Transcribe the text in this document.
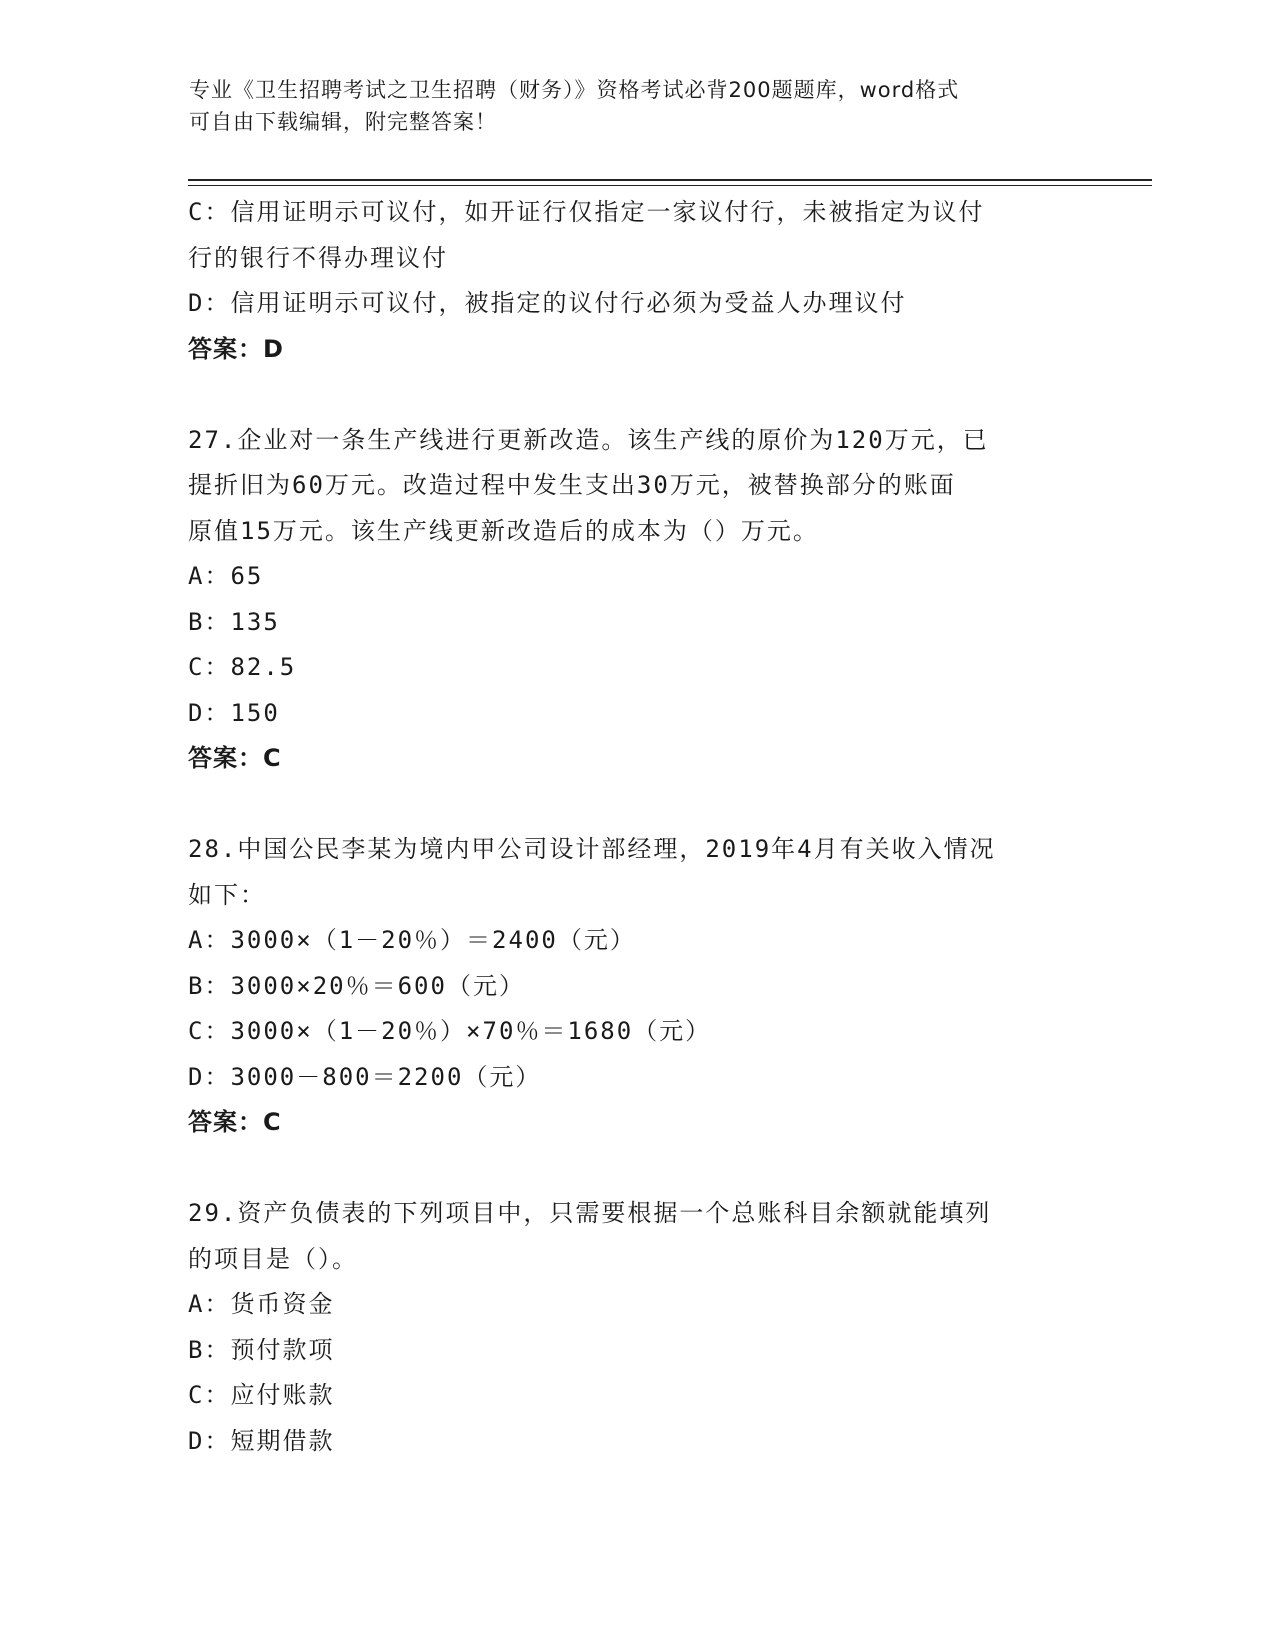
专业《卫生招聘考试之卫生招聘（财务）》资格考试必背200题题库，word格式
可自由下载编辑，附完整答案！
C：信用证明示可议付，如开证行仅指定一家议付行，未被指定为议付
行的银行不得办理议付
D：信用证明示可议付，被指定的议付行必须为受益人办理议付
答案：D
27.企业对一条生产线进行更新改造。该生产线的原价为120万元，已
提折旧为60万元。改造过程中发生支出30万元，被替换部分的账面
原值15万元。该生产线更新改造后的成本为（）万元。
A：65
B：135
C：82.5
D：150
答案：C
28.中国公民李某为境内甲公司设计部经理，2019年4月有关收入情况
如下：
A：3000×（1－20％）＝2400（元）
B：3000×20％＝600（元）
C：3000×（1－20％）×70％＝1680（元）
D：3000－800＝2200（元）
答案：C
29.资产负债表的下列项目中，只需要根据一个总账科目余额就能填列
的项目是（）。
A：货币资金
B：预付款项
C：应付账款
D：短期借款
